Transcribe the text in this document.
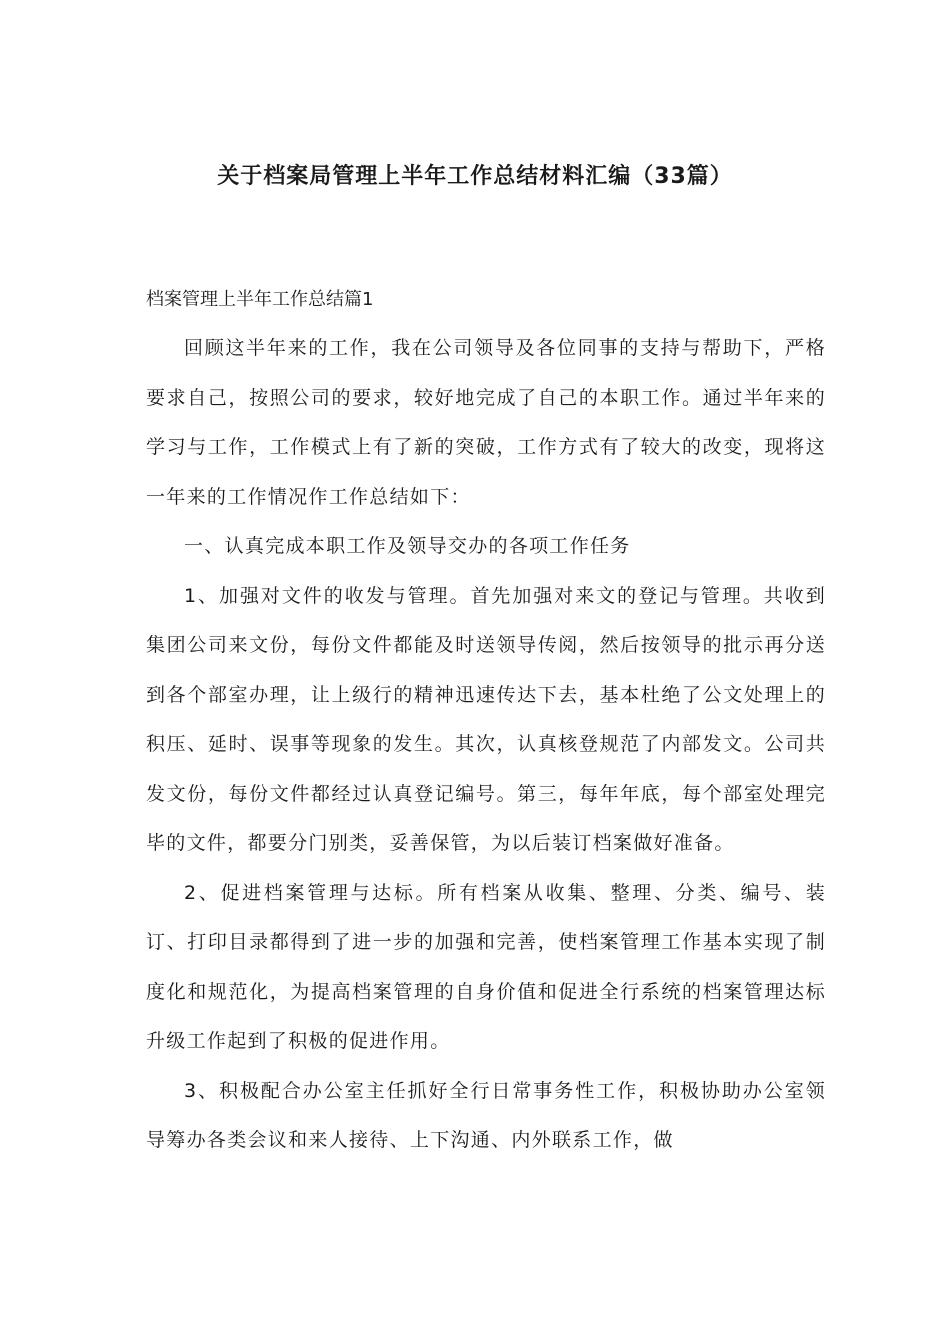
关于档案局管理上半年工作总结材料汇编（33篇）
档案管理上半年工作总结篇1

回顾这半年来的工作，我在公司领导及各位同事的支持与帮助下，严格要求自己，按照公司的要求，较好地完成了自己的本职工作。通过半年来的学习与工作，工作模式上有了新的突破，工作方式有了较大的改变，现将这一年来的工作情况作工作总结如下：

一、认真完成本职工作及领导交办的各项工作任务

1、加强对文件的收发与管理。首先加强对来文的登记与管理。共收到集团公司来文份，每份文件都能及时送领导传阅，然后按领导的批示再分送到各个部室办理，让上级行的精神迅速传达下去，基本杜绝了公文处理上的积压、延时、误事等现象的发生。其次，认真核登规范了内部发文。公司共发文份，每份文件都经过认真登记编号。第三，每年年底，每个部室处理完毕的文件，都要分门别类，妥善保管，为以后装订档案做好准备。

2、促进档案管理与达标。所有档案从收集、整理、分类、编号、装订、打印目录都得到了进一步的加强和完善，使档案管理工作基本实现了制度化和规范化，为提高档案管理的自身价值和促进全行系统的档案管理达标升级工作起到了积极的促进作用。

3、积极配合办公室主任抓好全行日常事务性工作，积极协助办公室领导筹办各类会议和来人接待、上下沟通、内外联系工作，做
